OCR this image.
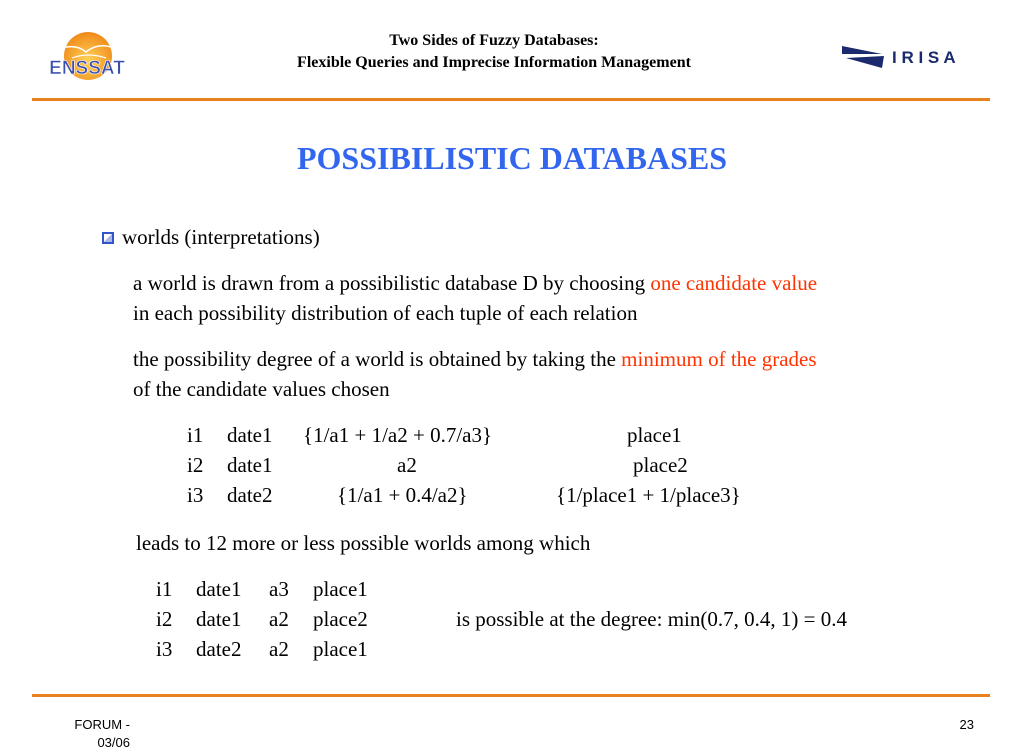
ENSSAT
Two Sides of Fuzzy Databases:
Flexible Queries and Imprecise Information Management	I R I S A
POSSIBILISTIC DATABASES
worlds (interpretations)
a world is drawn from a possibilistic database D by choosing one candidate value
in each possibility distribution of each tuple of each relation
the possibility degree of a world is obtained by taking the minimum of the grades
of the candidate values chosen
i1 date1 {1/a1 + 1/a2 + 0.7/a3}	place1
i2 date1	a2	place2
i3 date2	{1/a1 + 0.4/a2}	{1/place1 + 1/place3}
leads to 12 more or less possible worlds among which
i1 date1 a3 place1
i2 date1 a2 place2	is possible at the degree: min(0.7, 0.4, 1) = 0.4
i3 date2 a2 place1
FORUM -
03/06
23
